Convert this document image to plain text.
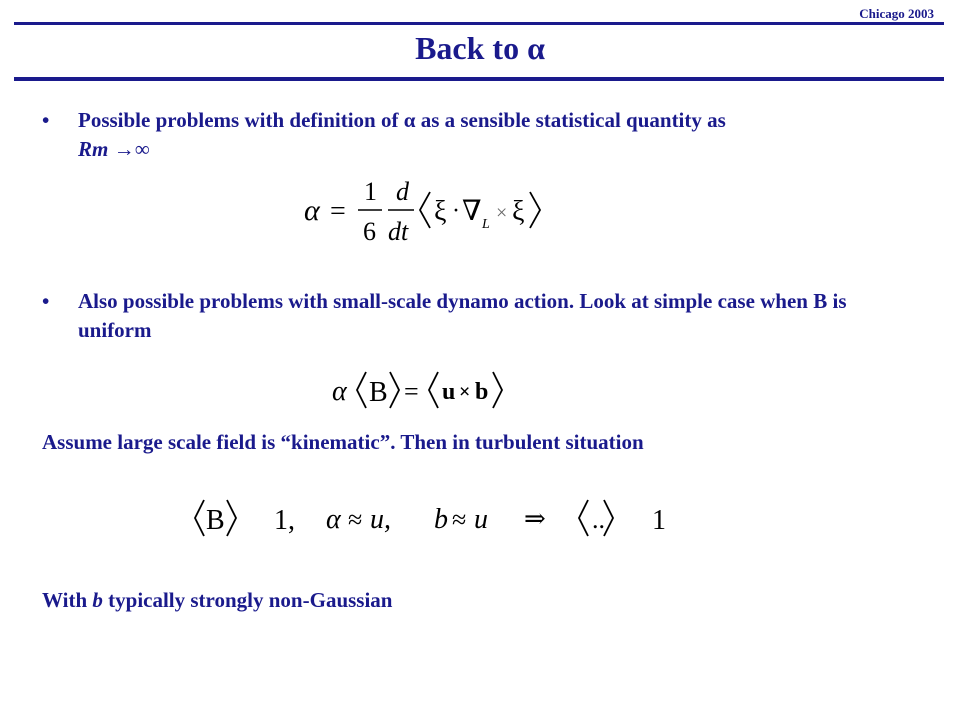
Chicago 2003
Back to α
•	Possible problems with definition of α as a sensible statistical quantity as
Rm →∞
α =
1
6
d
dt
ξ · ∇ L
× ξ
•	Also possible problems with small-scale dynamo action. Look at simple case when B is uniform
α B = u × b
Assume large scale field is “kinematic”. Then in turbulent situation
B 1, α ≈ u, b ≈ u ⇒ .. 1
With b typically strongly non-Gaussian
